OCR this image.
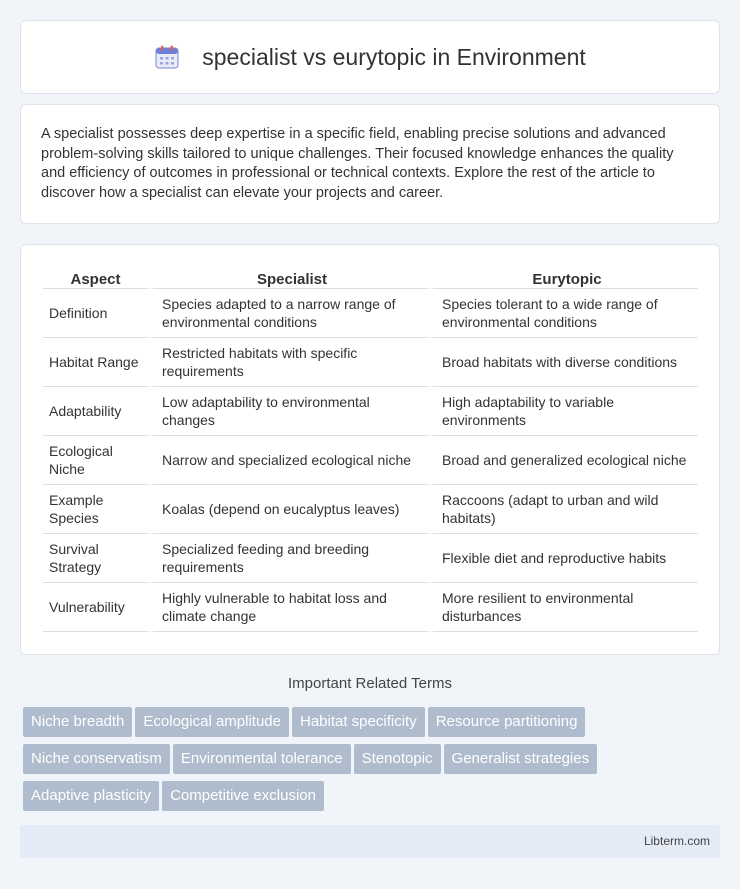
specialist vs eurytopic in Environment

A specialist possesses deep expertise in a specific field, enabling precise solutions and advanced problem-solving skills tailored to unique challenges. Their focused knowledge enhances the quality and efficiency of outcomes in professional or technical contexts. Explore the rest of the article to discover how a specialist can elevate your projects and career.

Aspect	Specialist	Eurytopic
Definition	Species adapted to a narrow range of environmental conditions	Species tolerant to a wide range of environmental conditions
Habitat Range	Restricted habitats with specific requirements	Broad habitats with diverse conditions
Adaptability	Low adaptability to environmental changes	High adaptability to variable environments
Ecological Niche	Narrow and specialized ecological niche	Broad and generalized ecological niche
Example Species	Koalas (depend on eucalyptus leaves)	Raccoons (adapt to urban and wild habitats)
Survival Strategy	Specialized feeding and breeding requirements	Flexible diet and reproductive habits
Vulnerability	Highly vulnerable to habitat loss and climate change	More resilient to environmental disturbances
Important Related Terms
Niche breadth Ecological amplitude Habitat specificity Resource partitioning
Niche conservatism Environmental tolerance Stenotopic Generalist strategies
Adaptive plasticity Competitive exclusion
Libterm.com
